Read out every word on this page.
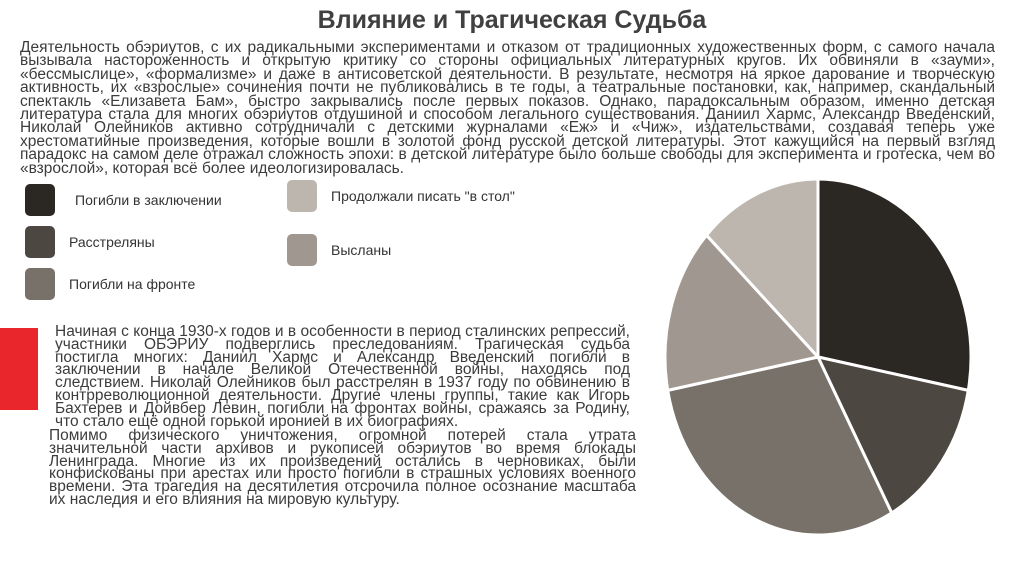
Влияние и Трагическая Судьба
Деятельность обэриутов, с их радикальными экспериментами и отказом от традиционных художественных форм, с самого начала вызывала настороженность и открытую критику со стороны официальных литературных кругов. Их обвиняли в «зауми», «бессмыслице», «формализме» и даже в антисоветской деятельности. В результате, несмотря на яркое дарование и творческую активность, их «взрослые» сочинения почти не публиковались в те годы, а театральные постановки, как, например, скандальный спектакль «Елизавета Бам», быстро закрывались после первых показов. Однако, парадоксальным образом, именно детская литература стала для многих обэриутов отдушиной и способом легального существования. Даниил Хармс, Александр Введенский, Николай Олейников активно сотрудничали с детскими журналами «Еж» и «Чиж», издательствами, создавая теперь уже хрестоматийные произведения, которые вошли в золотой фонд русской детской литературы. Этот кажущийся на первый взгляд парадокс на самом деле отражал сложность эпохи: в детской литературе было больше свободы для эксперимента и гротеска, чем во «взрослой», которая всё более идеологизировалась.
Погибли в заключении
Расстреляны
Погибли на фронте
Продолжали писать "в стол"
Высланы
Начиная с конца 1930-х годов и в особенности в период сталинских репрессий, участники ОБЭРИУ подверглись преследованиям. Трагическая судьба постигла многих: Даниил Хармс и Александр Введенский погибли в заключении в начале Великой Отечественной войны, находясь под следствием. Николай Олейников был расстрелян в 1937 году по обвинению в контрреволюционной деятельности. Другие члены группы, такие как Игорь Бахтерев и Дойвбер Левин, погибли на фронтах войны, сражаясь за Родину, что стало ещё одной горькой иронией в их биографиях.
Помимо физического уничтожения, огромной потерей стала утрата значительной части архивов и рукописей обэриутов во время блокады Ленинграда. Многие из их произведений остались в черновиках, были конфискованы при арестах или просто погибли в страшных условиях военного времени. Эта трагедия на десятилетия отсрочила полное осознание масштаба их наследия и его влияния на мировую культуру.
